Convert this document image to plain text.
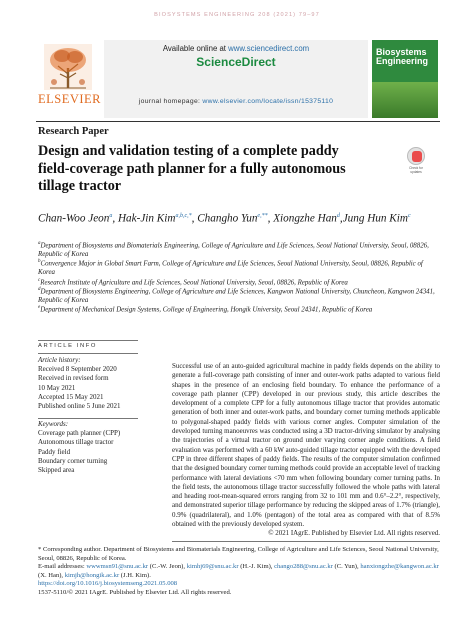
BIOSYSTEMS ENGINEERING 208 (2021) 79–97
ELSEVIER
Available online at www.sciencedirect.com
ScienceDirect
journal homepage: www.elsevier.com/locate/issn/15375110
Biosystems
Engineering
Research Paper
Design and validation testing of a complete paddy field-coverage path planner for a fully autonomous tillage tractor
Check for updates
Chan-Woo Jeon$^a$, Hak-Jin Kim$^{a,b,c,*}$, Changho Yun$^{e,**}$, Xiongzhe Han$^d$,Jung Hun Kim$^c$
$^a$Department of Biosystems and Biomaterials Engineering, College of Agriculture and Life Sciences, Seoul National University, Seoul, 08826, Republic of Korea
$^b$Convergence Major in Global Smart Farm, College of Agriculture and Life Sciences, Seoul National University, Seoul, 08826, Republic of Korea
$^c$Research Institute of Agriculture and Life Sciences, Seoul National University, Seoul, 08826, Republic of Korea
$^d$Department of Biosystems Engineering, College of Agriculture and Life Sciences, Kangwon National University, Chuncheon, Kangwon 24341, Republic of Korea
$^e$Department of Mechanical Design Systems, College of Engineering, Hongik University, Seoul 24341, Republic of Korea
ARTICLE INFO
Article history:
Received 8 September 2020
Received in revised form
10 May 2021
Accepted 15 May 2021
Published online 5 June 2021
Keywords:
Coverage path planner (CPP)
Autonomous tillage tractor
Paddy field
Boundary corner turning
Skipped area
Successful use of an auto-guided agricultural machine in paddy fields depends on the ability to generate a full-coverage path consisting of inner and outer-work paths adapted to various field shapes in the presence of an enclosing field boundary. To enhance the performance of a coverage path planner (CPP) developed in our previous study, this article describes the development of a complete CPP for a fully autonomous tillage tractor that provides automatic generation of both inner and outer-work paths, and boundary corner turning methods applicable to polygonal-shaped paddy fields with various corner angles. Computer simulation of the developed turning manoeuvres was conducted using a 3D tractor-driving simulator by analysing the trajectories of a virtual tractor on ground under varying corner angle conditions. A field evaluation was performed with a 60 kW auto-guided tillage tractor equipped with the developed CPP in three different shapes of paddy fields. The results of the computer simulation confirmed that the designed boundary corner turning methods could provide an acceptable level of tracking performance with lateral deviations <70 mm when following boundary corner turning paths. In the field tests, the autonomous tillage tractor successfully followed the whole paths with lateral and heading root-mean-squared errors ranging from 32 to 101 mm and 0.6°–2.2°, respectively, and demonstrated superior tillage performance by reducing the skipped areas of 1.7% (triangle), 0.9% (quadrilateral), and 1.0% (pentagon) of the total area as compared with that of 8.5% obtained with the previously developed system.
© 2021 IAgrE. Published by Elsevier Ltd. All rights reserved.
* Corresponding author. Department of Biosystems and Biomaterials Engineering, College of Agriculture and Life Sciences, Seoul National University, Seoul, 08826, Republic of Korea.
E-mail addresses: wwwmsn91@snu.ac.kr (C.-W. Jeon), kimhj69@snu.ac.kr (H.-J. Kim), chango288@snu.ac.kr (C. Yun), hanxiongzhe@kangwon.ac.kr (X. Han), kimjh@hongik.ac.kr (J.H. Kim).
https://doi.org/10.1016/j.biosystemseng.2021.05.008
1537-5110/© 2021 IAgrE. Published by Elsevier Ltd. All rights reserved.
